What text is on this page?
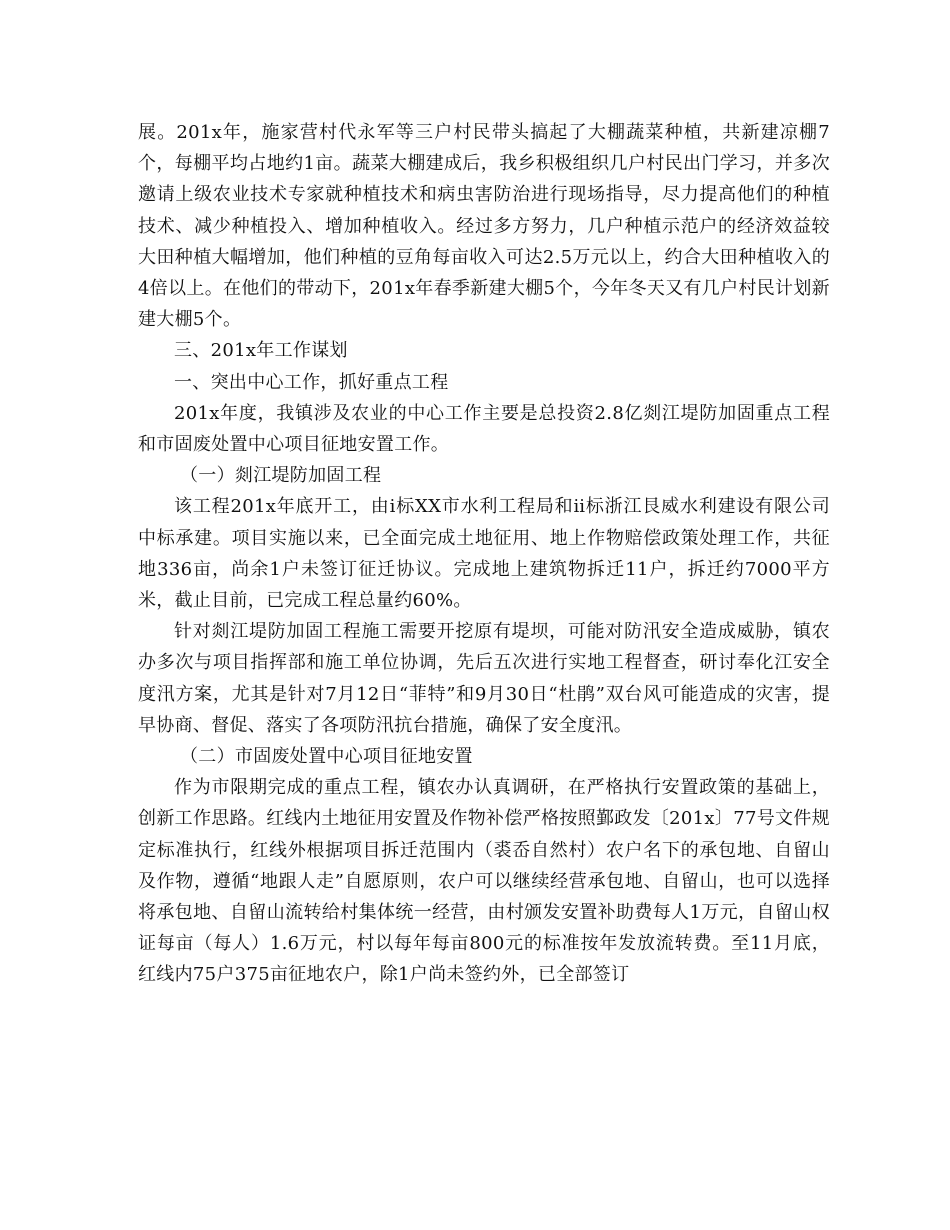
展。201x年，施家营村代永军等三户村民带头搞起了大棚蔬菜种植，共新建凉棚7个，每棚平均占地约1亩。蔬菜大棚建成后，我乡积极组织几户村民出门学习，并多次邀请上级农业技术专家就种植技术和病虫害防治进行现场指导，尽力提高他们的种植技术、减少种植投入、增加种植收入。经过多方努力，几户种植示范户的经济效益较大田种植大幅增加，他们种植的豆角每亩收入可达2.5万元以上，约合大田种植收入的4倍以上。在他们的带动下，201x年春季新建大棚5个，今年冬天又有几户村民计划新建大棚5个。

三、201x年工作谋划

一、突出中心工作，抓好重点工程

201x年度，我镇涉及农业的中心工作主要是总投资2.8亿剡江堤防加固重点工程和市固废处置中心项目征地安置工作。

（一）剡江堤防加固工程

该工程201x年底开工，由ⅰ标XX市水利工程局和ⅱ标浙江艮威水利建设有限公司中标承建。项目实施以来，已全面完成土地征用、地上作物赔偿政策处理工作，共征地336亩，尚余1户未签订征迁协议。完成地上建筑物拆迁11户，拆迁约7000平方米，截止目前，已完成工程总量约60%。

针对剡江堤防加固工程施工需要开挖原有堤坝，可能对防汛安全造成威胁，镇农办多次与项目指挥部和施工单位协调，先后五次进行实地工程督查，研讨奉化江安全度汛方案，尤其是针对7月12日“菲特”和9月30日“杜鹃”双台风可能造成的灾害，提早协商、督促、落实了各项防汛抗台措施，确保了安全度汛。

（二）市固废处置中心项目征地安置

作为市限期完成的重点工程，镇农办认真调研，在严格执行安置政策的基础上，创新工作思路。红线内土地征用安置及作物补偿严格按照鄞政发〔201x〕77号文件规定标准执行，红线外根据项目拆迁范围内（裘岙自然村）农户名下的承包地、自留山及作物，遵循“地跟人走”自愿原则，农户可以继续经营承包地、自留山，也可以选择将承包地、自留山流转给村集体统一经营，由村颁发安置补助费每人1万元，自留山权证每亩（每人）1.6万元，村以每年每亩800元的标准按年发放流转费。至11月底，红线内75户375亩征地农户，除1户尚未签约外，已全部签订
